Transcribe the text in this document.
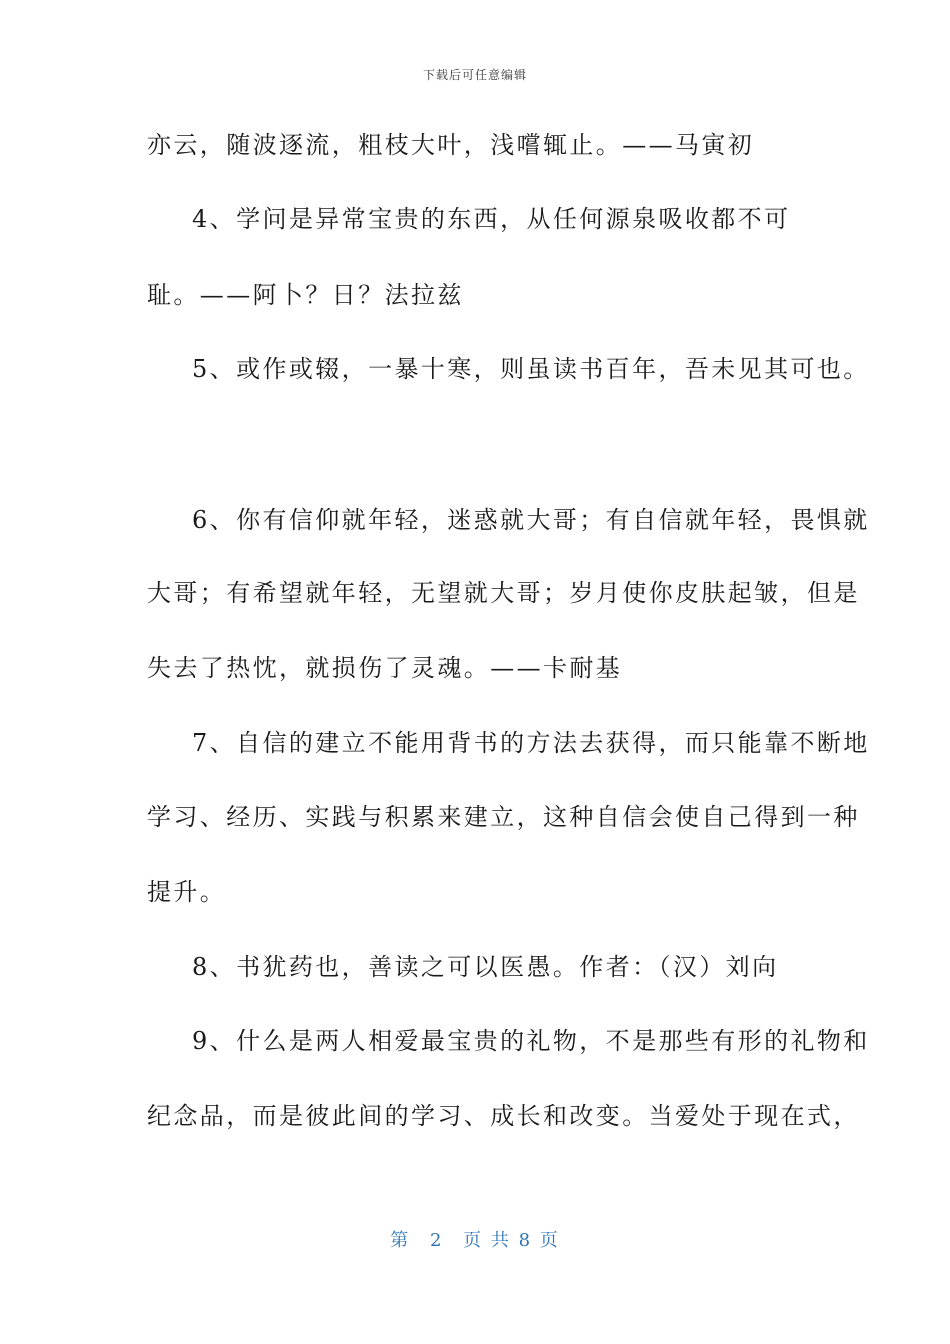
下载后可任意编辑
亦云，随波逐流，粗枝大叶，浅嚐辄止。——马寅初
4、学问是异常宝贵的东西，从任何源泉吸收都不可
耻。——阿卜？日？法拉兹
5、或作或辍，一暴十寒，则虽读书百年，吾未见其可也。
6、你有信仰就年轻，迷惑就大哥；有自信就年轻，畏惧就
大哥；有希望就年轻，无望就大哥；岁月使你皮肤起皱，但是
失去了热忱，就损伤了灵魂。——卡耐基
7、自信的建立不能用背书的方法去获得，而只能靠不断地
学习、经历、实践与积累来建立，这种自信会使自己得到一种
提升。
8、书犹药也，善读之可以医愚。作者：（汉）刘向
9、什么是两人相爱最宝贵的礼物，不是那些有形的礼物和
纪念品，而是彼此间的学习、成长和改变。当爱处于现在式，
第 2 页 共 8 页
